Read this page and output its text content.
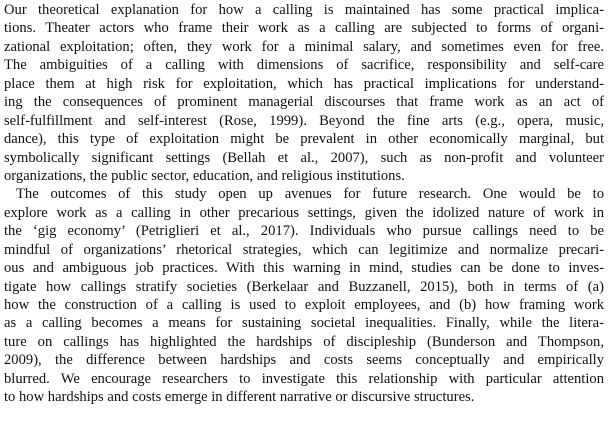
Our theoretical explanation for how a calling is maintained has some practical implica-
tions. Theater actors who frame their work as a calling are subjected to forms of organi-
zational exploitation; often, they work for a minimal salary, and sometimes even for free.
The ambiguities of a calling with dimensions of sacrifice, responsibility and self-care
place them at high risk for exploitation, which has practical implications for understand-
ing the consequences of prominent managerial discourses that frame work as an act of
self-fulfillment and self-interest (Rose, 1999). Beyond the fine arts (e.g., opera, music,
dance), this type of exploitation might be prevalent in other economically marginal, but
symbolically significant settings (Bellah et al., 2007), such as non-profit and volunteer
organizations, the public sector, education, and religious institutions.
The outcomes of this study open up avenues for future research. One would be to
explore work as a calling in other precarious settings, given the idolized nature of work in
the ‘gig economy’ (Petriglieri et al., 2017). Individuals who pursue callings need to be
mindful of organizations’ rhetorical strategies, which can legitimize and normalize precari-
ous and ambiguous job practices. With this warning in mind, studies can be done to inves-
tigate how callings stratify societies (Berkelaar and Buzzanell, 2015), both in terms of (a)
how the construction of a calling is used to exploit employees, and (b) how framing work
as a calling becomes a means for sustaining societal inequalities. Finally, while the litera-
ture on callings has highlighted the hardships of discipleship (Bunderson and Thompson,
2009), the difference between hardships and costs seems conceptually and empirically
blurred. We encourage researchers to investigate this relationship with particular attention
to how hardships and costs emerge in different narrative or discursive structures.
